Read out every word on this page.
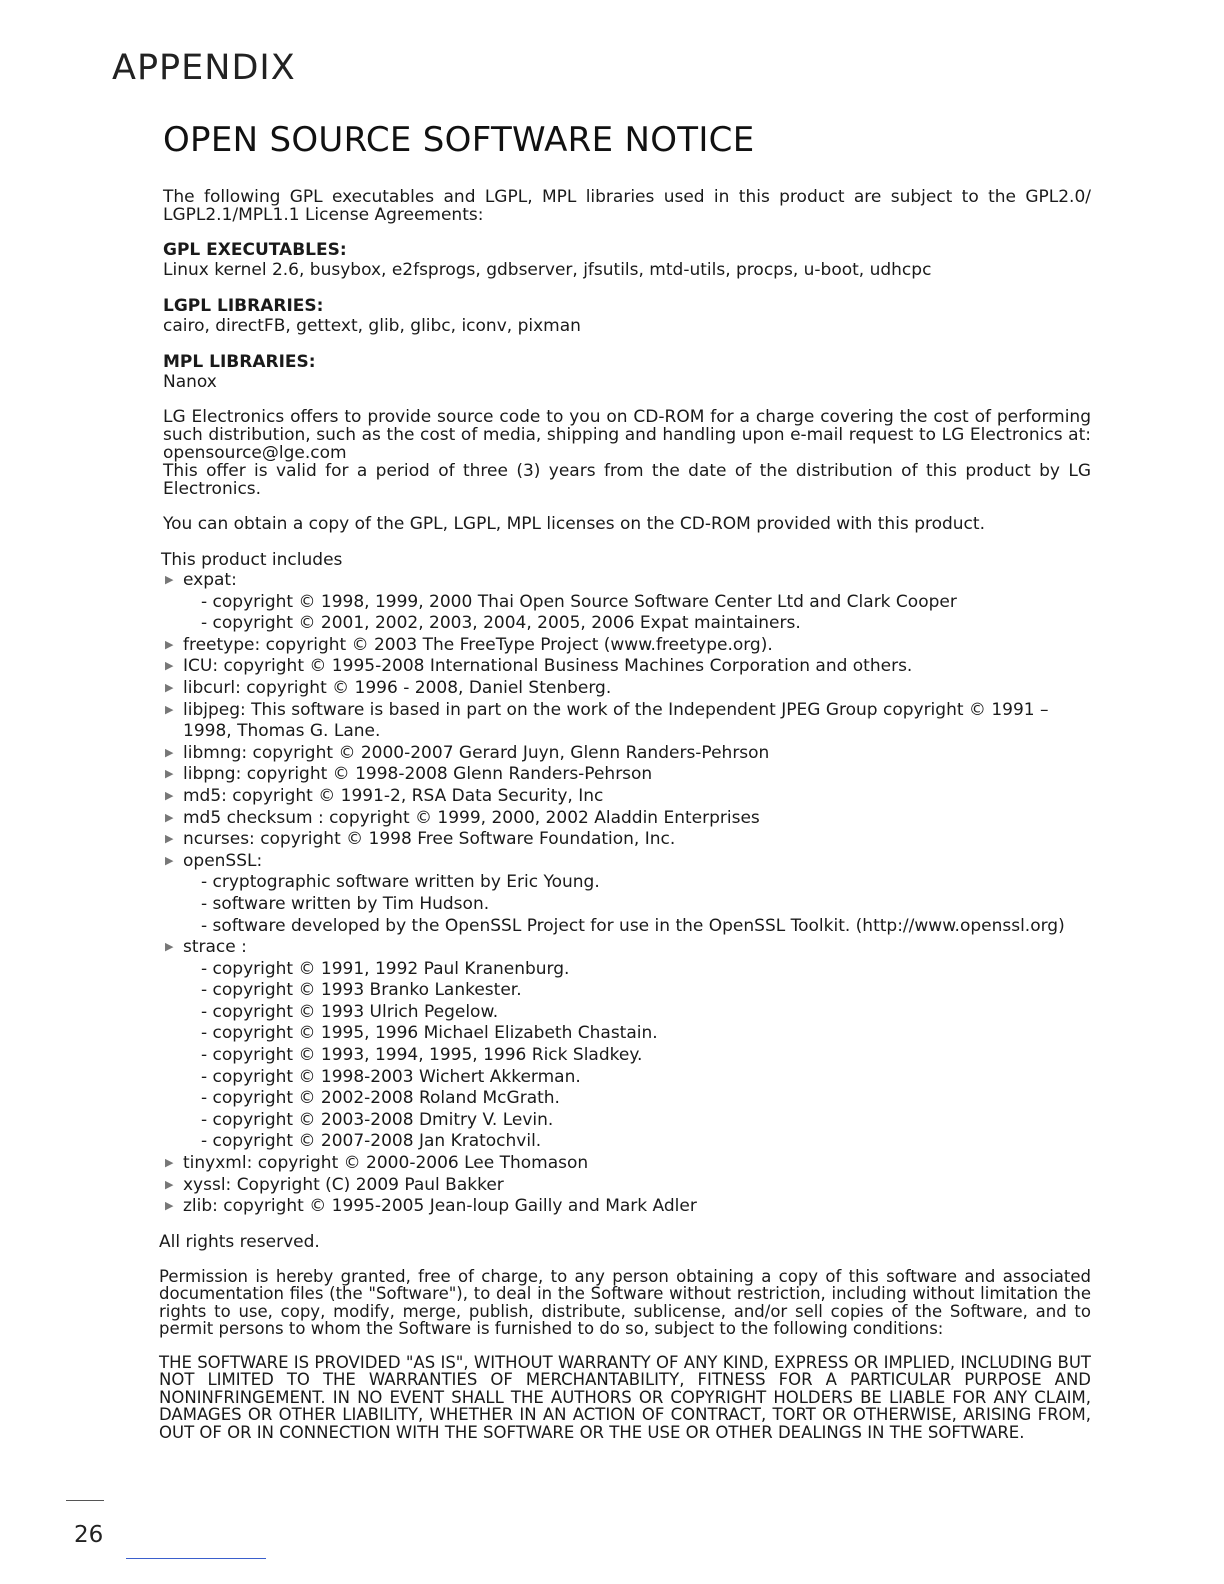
APPENDIX
OPEN SOURCE SOFTWARE NOTICE

The following GPL executables and LGPL, MPL libraries used in this product are subject to the GPL2.0/ LGPL2.1/MPL1.1 License Agreements:

GPL EXECUTABLES:
Linux kernel 2.6, busybox, e2fsprogs, gdbserver, jfsutils, mtd-utils, procps, u-boot, udhcpc
LGPL LIBRARIES:
cairo, directFB, gettext, glib, glibc, iconv, pixman
MPL LIBRARIES:
Nanox

LG Electronics offers to provide source code to you on CD-ROM for a charge covering the cost of performing such distribution, such as the cost of media, shipping and handling upon e-mail request to LG Electronics at: opensource@lge.com

This offer is valid for a period of three (3) years from the date of the distribution of this product by LG Electronics.

You can obtain a copy of the GPL, LGPL, MPL licenses on the CD-ROM provided with this product.

This product includes
▶ expat:
- copyright © 1998, 1999, 2000 Thai Open Source Software Center Ltd and Clark Cooper
- copyright © 2001, 2002, 2003, 2004, 2005, 2006 Expat maintainers.
▶ freetype: copyright © 2003 The FreeType Project (www.freetype.org).
▶ ICU: copyright © 1995-2008 International Business Machines Corporation and others.
▶ libcurl: copyright © 1996 - 2008, Daniel Stenberg.
▶ libjpeg: This software is based in part on the work of the Independent JPEG Group copyright © 1991 – 1998, Thomas G. Lane.
▶ libmng: copyright © 2000-2007 Gerard Juyn, Glenn Randers-Pehrson
▶ libpng: copyright © 1998-2008 Glenn Randers-Pehrson
▶ md5: copyright © 1991-2, RSA Data Security, Inc
▶ md5 checksum : copyright © 1999, 2000, 2002 Aladdin Enterprises
▶ ncurses: copyright © 1998 Free Software Foundation, Inc.
▶ openSSL:
- cryptographic software written by Eric Young.
- software written by Tim Hudson.
- software developed by the OpenSSL Project for use in the OpenSSL Toolkit. (http://www.openssl.org)
▶ strace :
- copyright © 1991, 1992 Paul Kranenburg.
- copyright © 1993 Branko Lankester.
- copyright © 1993 Ulrich Pegelow.
- copyright © 1995, 1996 Michael Elizabeth Chastain.
- copyright © 1993, 1994, 1995, 1996 Rick Sladkey.
- copyright © 1998-2003 Wichert Akkerman.
- copyright © 2002-2008 Roland McGrath.
- copyright © 2003-2008 Dmitry V. Levin.
- copyright © 2007-2008 Jan Kratochvil.
▶ tinyxml: copyright © 2000-2006 Lee Thomason
▶ xyssl: Copyright (C) 2009 Paul Bakker
▶ zlib: copyright © 1995-2005 Jean-loup Gailly and Mark Adler

All rights reserved.

Permission is hereby granted, free of charge, to any person obtaining a copy of this software and associated documentation files (the "Software"), to deal in the Software without restriction, including without limitation the rights to use, copy, modify, merge, publish, distribute, sublicense, and/or sell copies of the Software, and to permit persons to whom the Software is furnished to do so, subject to the following conditions:

THE SOFTWARE IS PROVIDED "AS IS", WITHOUT WARRANTY OF ANY KIND, EXPRESS OR IMPLIED, INCLUDING BUT NOT LIMITED TO THE WARRANTIES OF MERCHANTABILITY, FITNESS FOR A PARTICULAR PURPOSE AND NONINFRINGEMENT. IN NO EVENT SHALL THE AUTHORS OR COPYRIGHT HOLDERS BE LIABLE FOR ANY CLAIM, DAMAGES OR OTHER LIABILITY, WHETHER IN AN ACTION OF CONTRACT, TORT OR OTHERWISE, ARISING FROM, OUT OF OR IN CONNECTION WITH THE SOFTWARE OR THE USE OR OTHER DEALINGS IN THE SOFTWARE.

26
